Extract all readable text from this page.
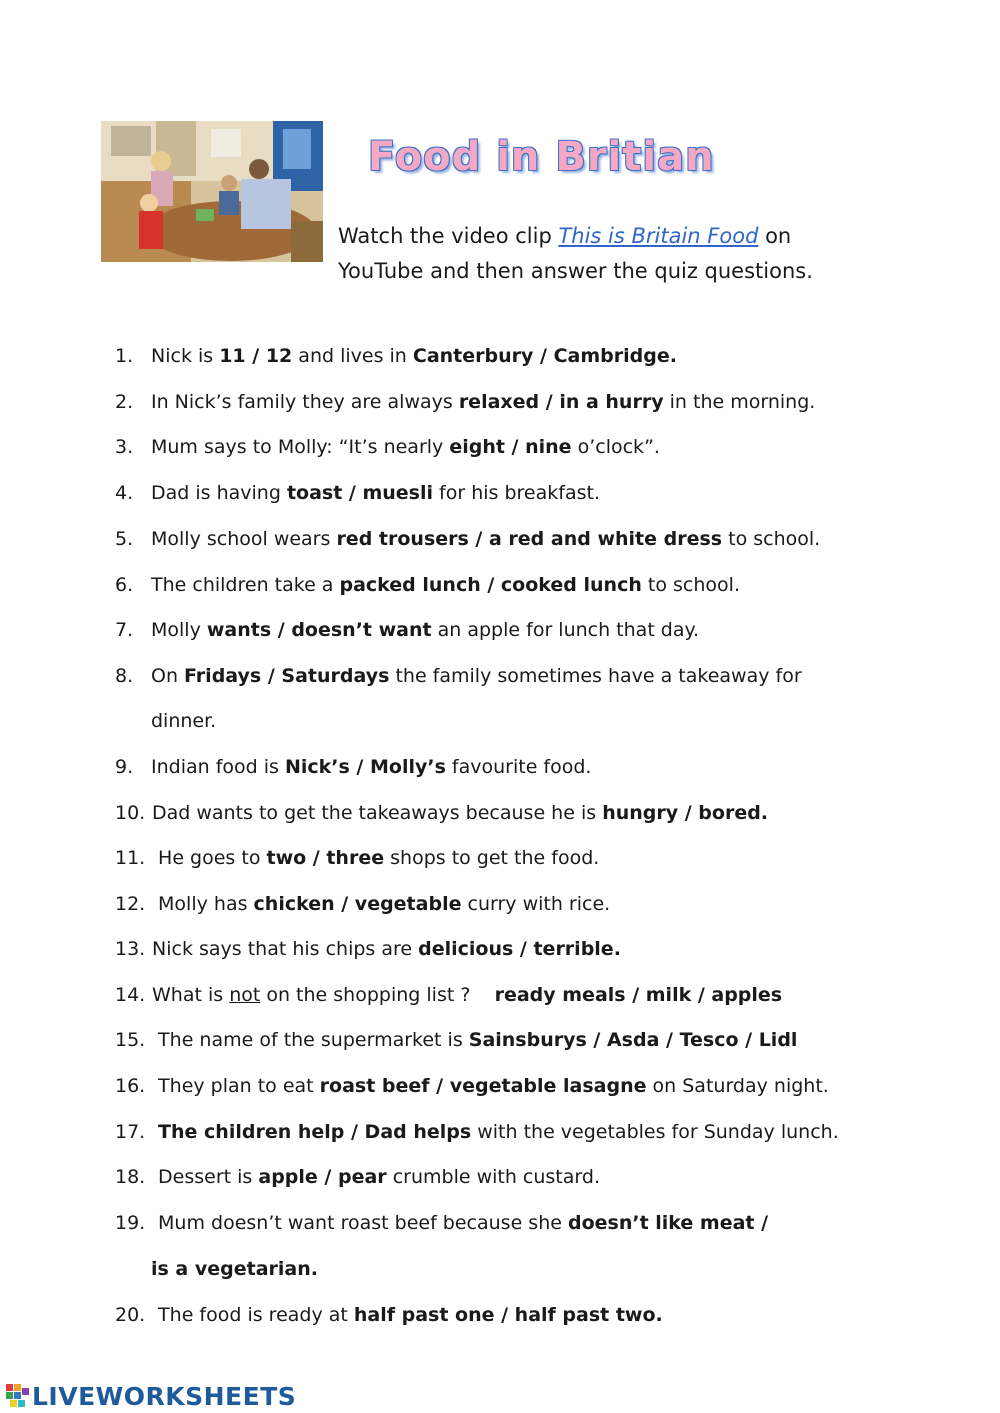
Food in Britian
Watch the video clip This is Britain Food on YouTube and then answer the quiz questions.
1. Nick is 11 / 12 and lives in Canterbury / Cambridge.
2. In Nick’s family they are always relaxed / in a hurry in the morning.
3. Mum says to Molly: “It’s nearly eight / nine o’clock”.
4. Dad is having toast / muesli for his breakfast.
5. Molly school wears red trousers / a red and white dress to school.
6. The children take a packed lunch / cooked lunch to school.
7. Molly wants / doesn’t want an apple for lunch that day.
8. On Fridays / Saturdays the family sometimes have a takeaway for
dinner.
9. Indian food is Nick’s / Molly’s favourite food.
10. Dad wants to get the takeaways because he is hungry / bored.
11. He goes to two / three shops to get the food.
12. Molly has chicken / vegetable curry with rice.
13. Nick says that his chips are delicious / terrible.
14. What is not on the shopping list ?    ready meals / milk / apples
15. The name of the supermarket is Sainsburys / Asda / Tesco / Lidl
16. They plan to eat roast beef / vegetable lasagne on Saturday night.
17. The children help / Dad helps with the vegetables for Sunday lunch.
18. Dessert is apple / pear crumble with custard.
19. Mum doesn’t want roast beef because she doesn’t like meat /
is a vegetarian.
20. The food is ready at half past one / half past two.
LIVEWORKSHEETS
